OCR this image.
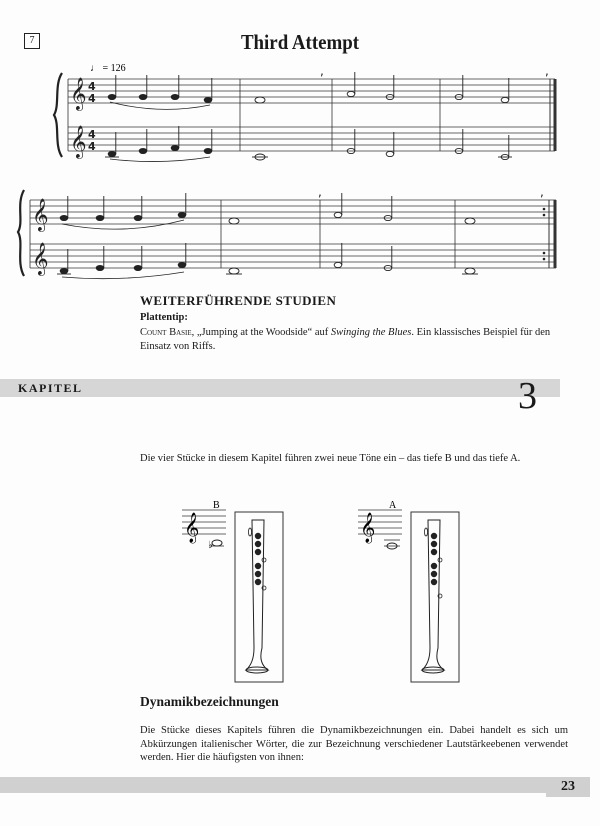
7	Third Attempt
♩ = 126
𝄞
𝄞
4
4
4
4
,	,
𝄞
𝄞
,	,
WEITERFÜHRENDE STUDIEN
Plattentip:
Count Basie, „Jumping at the Woodside“ auf Swinging the Blues. Ein klassisches Beispiel für den Einsatz von Riffs.
KAPITEL	3
Die vier Stücke in diesem Kapitel führen zwei neue Töne ein – das tiefe B und das tiefe A.
𝄞
B
♭
𝄞
A
Dynamikbezeichnungen
Die Stücke dieses Kapitels führen die Dynamikbezeichnungen ein. Dabei handelt es sich um Abkürzungen italienischer Wörter, die zur Bezeichnung verschiedener Lautstärkeebenen verwendet werden. Hier die häufigsten von ihnen:
23
